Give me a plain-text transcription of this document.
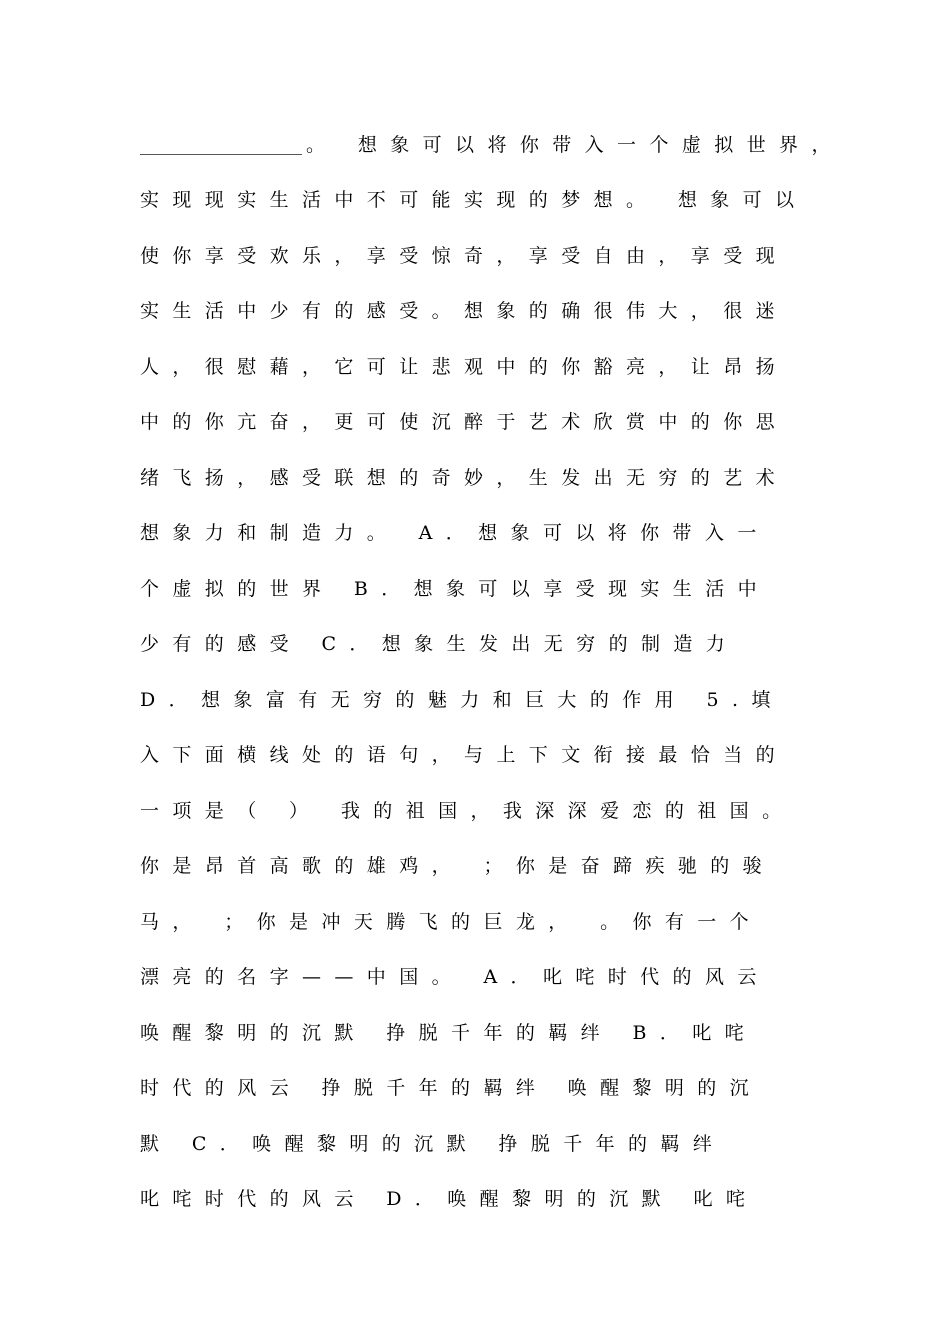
。 想象可以将你带入一个虚拟世界，

实现现实生活中不可能实现的梦想。 想象可以

使你享受欢乐，享受惊奇，享受自由，享受现

实生活中少有的感受。想象的确很伟大，很迷

人，很慰藉，它可让悲观中的你豁亮，让昂扬

中的你亢奋，更可使沉醉于艺术欣赏中的你思

绪飞扬，感受联想的奇妙，生发出无穷的艺术

想象力和制造力。 A．想象可以将你带入一

个虚拟的世界 B．想象可以享受现实生活中

少有的感受 C．想象生发出无穷的制造力

D．想象富有无穷的魅力和巨大的作用 5.填

入下面横线处的语句，与上下文衔接最恰当的

一项是（ ） 我的祖国，我深深爱恋的祖国。

你是昂首高歌的雄鸡， ；你是奋蹄疾驰的骏

马， ；你是冲天腾飞的巨龙， 。你有一个

漂亮的名字——中国。 A．叱咤时代的风云

唤醒黎明的沉默 挣脱千年的羁绊 B．叱咤

时代的风云 挣脱千年的羁绊 唤醒黎明的沉

默 C．唤醒黎明的沉默 挣脱千年的羁绊

叱咤时代的风云 D．唤醒黎明的沉默 叱咤
